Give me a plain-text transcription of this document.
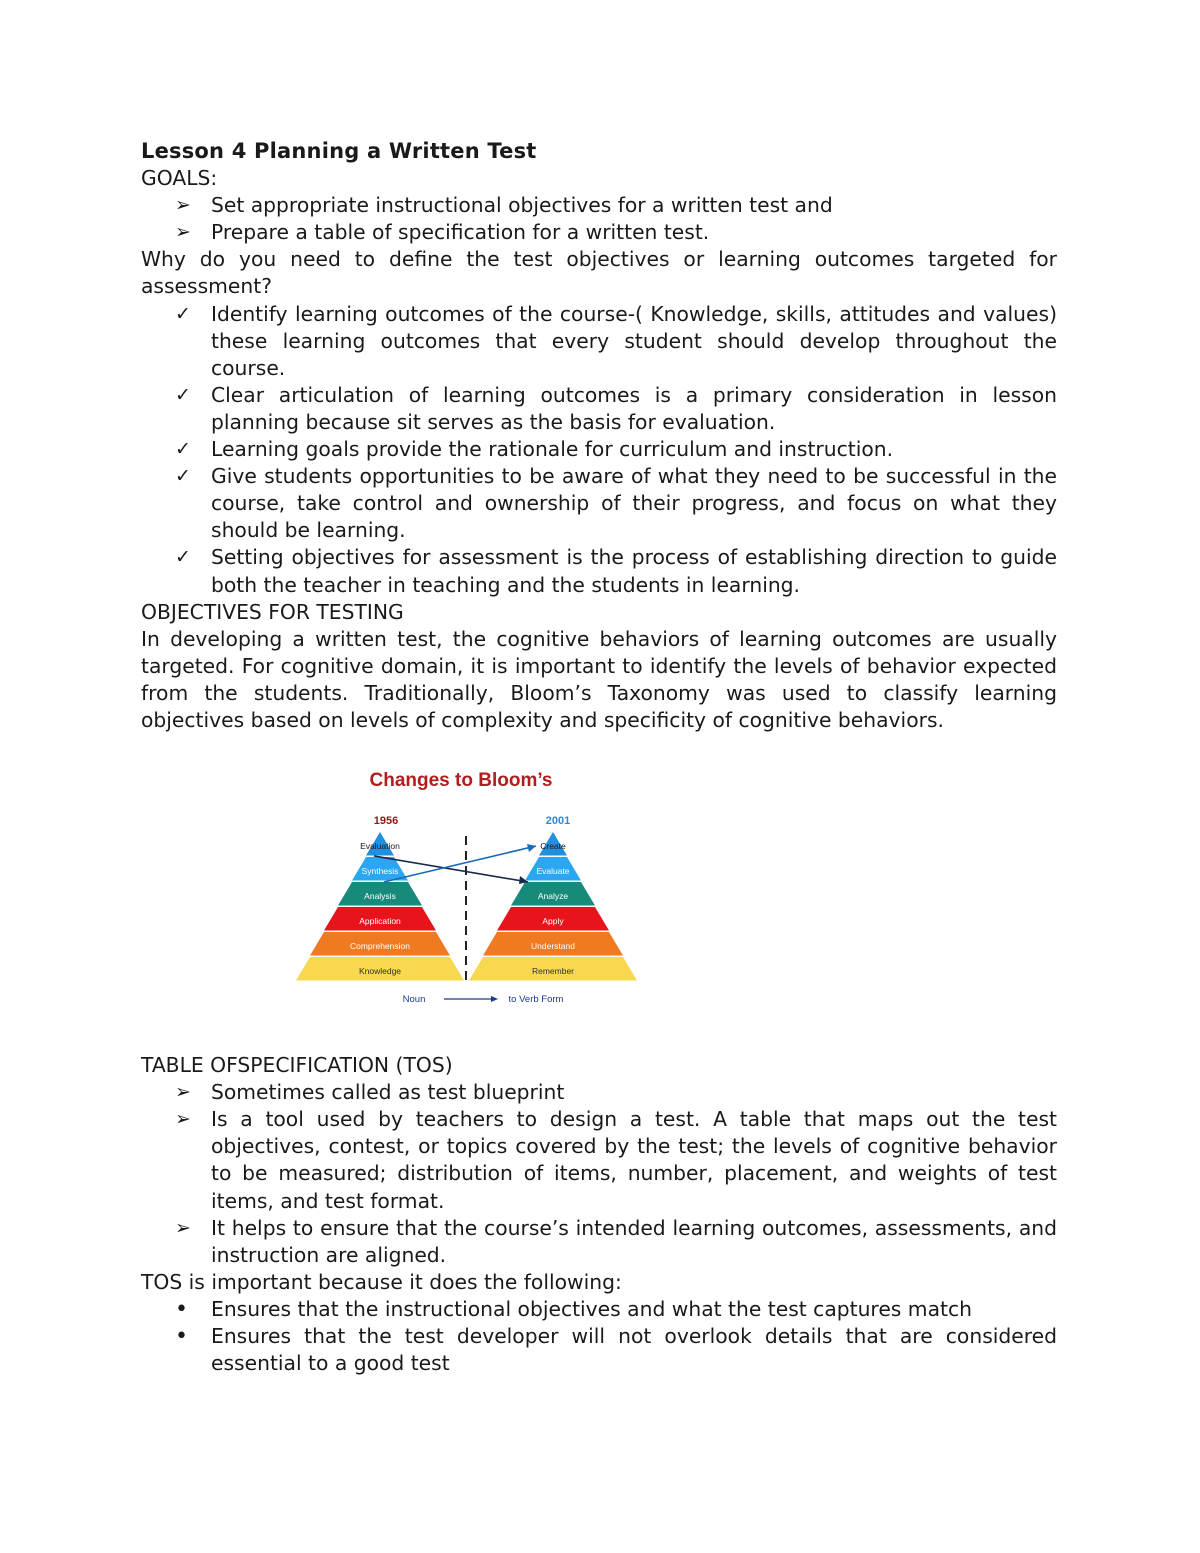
Lesson 4 Planning a Written Test
GOALS:
➢ Set appropriate instructional objectives for a written test and
➢ Prepare a table of specification for a written test.
Why do you need to define the test objectives or learning outcomes targeted for assessment?
✓ Identify learning outcomes of the course-( Knowledge, skills, attitudes and values) these learning outcomes that every student should develop throughout the course.
✓ Clear articulation of learning outcomes is a primary consideration in lesson planning because sit serves as the basis for evaluation.
✓ Learning goals provide the rationale for curriculum and instruction.
✓ Give students opportunities to be aware of what they need to be successful in the course, take control and ownership of their progress, and focus on what they should be learning.
✓ Setting objectives for assessment is the process of establishing direction to guide both the teacher in teaching and the students in learning.
OBJECTIVES FOR TESTING
In developing a written test, the cognitive behaviors of learning outcomes are usually targeted. For cognitive domain, it is important to identify the levels of behavior expected from the students. Traditionally, Bloom’s Taxonomy was used to classify learning objectives based on levels of complexity and specificity of cognitive behaviors.
Changes to Bloom’s
1956	2001
Evaluation
Synthesis
Analysis
Application
Comprehension
Knowledge
Create
Evaluate
Analyze
Apply
Understand
Remember
Noun	to Verb Form
TABLE OFSPECIFICATION (TOS)
➢ Sometimes called as test blueprint
➢ Is a tool used by teachers to design a test. A table that maps out the test objectives, contest, or topics covered by the test; the levels of cognitive behavior to be measured; distribution of items, number, placement, and weights of test items, and test format.
➢ It helps to ensure that the course’s intended learning outcomes, assessments, and instruction are aligned.
TOS is important because it does the following:
•	Ensures that the instructional objectives and what the test captures match
•	Ensures that the test developer will not overlook details that are considered essential to a good test
